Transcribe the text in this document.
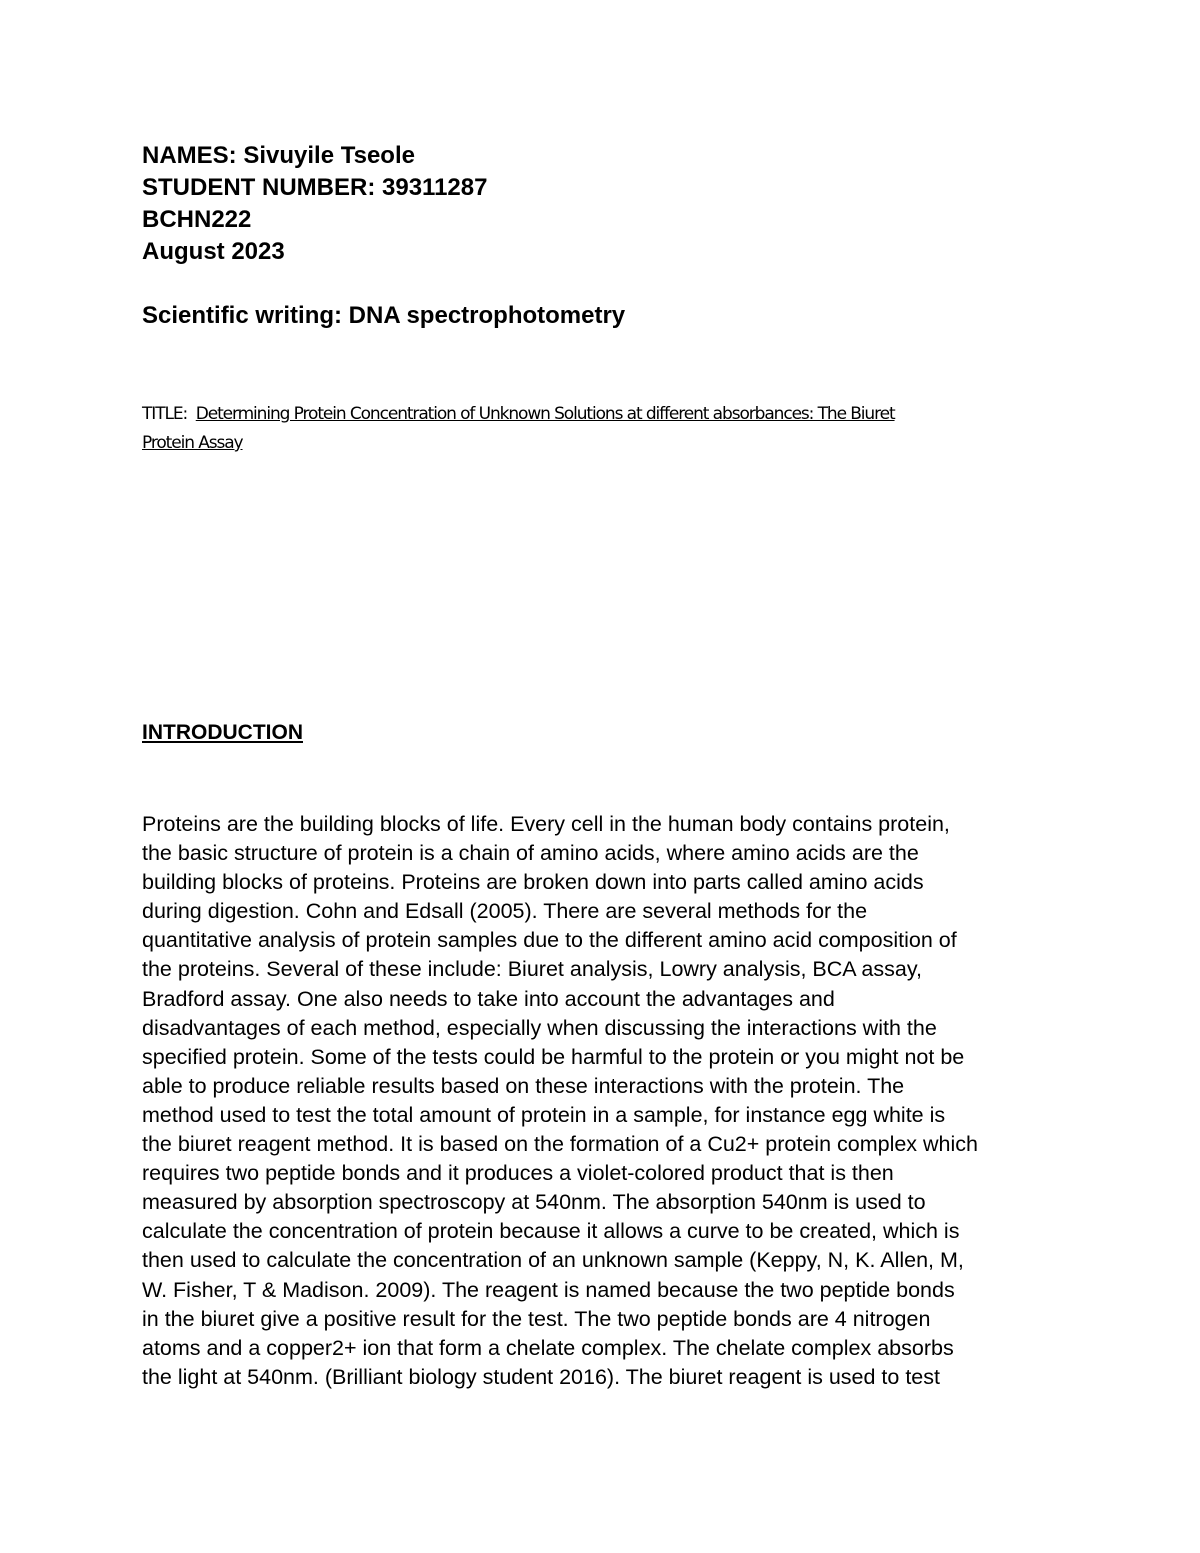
NAMES: Sivuyile Tseole
STUDENT NUMBER: 39311287
BCHN222
August 2023
Scientific writing: DNA spectrophotometry
TITLE: Determining Protein Concentration of Unknown Solutions at different absorbances: The Biuret
Protein Assay
INTRODUCTION
Proteins are the building blocks of life. Every cell in the human body contains protein,
the basic structure of protein is a chain of amino acids, where amino acids are the
building blocks of proteins. Proteins are broken down into parts called amino acids
during digestion. Cohn and Edsall (2005). There are several methods for the
quantitative analysis of protein samples due to the different amino acid composition of
the proteins. Several of these include: Biuret analysis, Lowry analysis, BCA assay,
Bradford assay. One also needs to take into account the advantages and
disadvantages of each method, especially when discussing the interactions with the
specified protein. Some of the tests could be harmful to the protein or you might not be
able to produce reliable results based on these interactions with the protein. The
method used to test the total amount of protein in a sample, for instance egg white is
the biuret reagent method. It is based on the formation of a Cu2+ protein complex which
requires two peptide bonds and it produces a violet-colored product that is then
measured by absorption spectroscopy at 540nm. The absorption 540nm is used to
calculate the concentration of protein because it allows a curve to be created, which is
then used to calculate the concentration of an unknown sample (Keppy, N, K. Allen, M,
W. Fisher, T & Madison. 2009). The reagent is named because the two peptide bonds
in the biuret give a positive result for the test. The two peptide bonds are 4 nitrogen
atoms and a copper2+ ion that form a chelate complex. The chelate complex absorbs
the light at 540nm. (Brilliant biology student 2016). The biuret reagent is used to test
